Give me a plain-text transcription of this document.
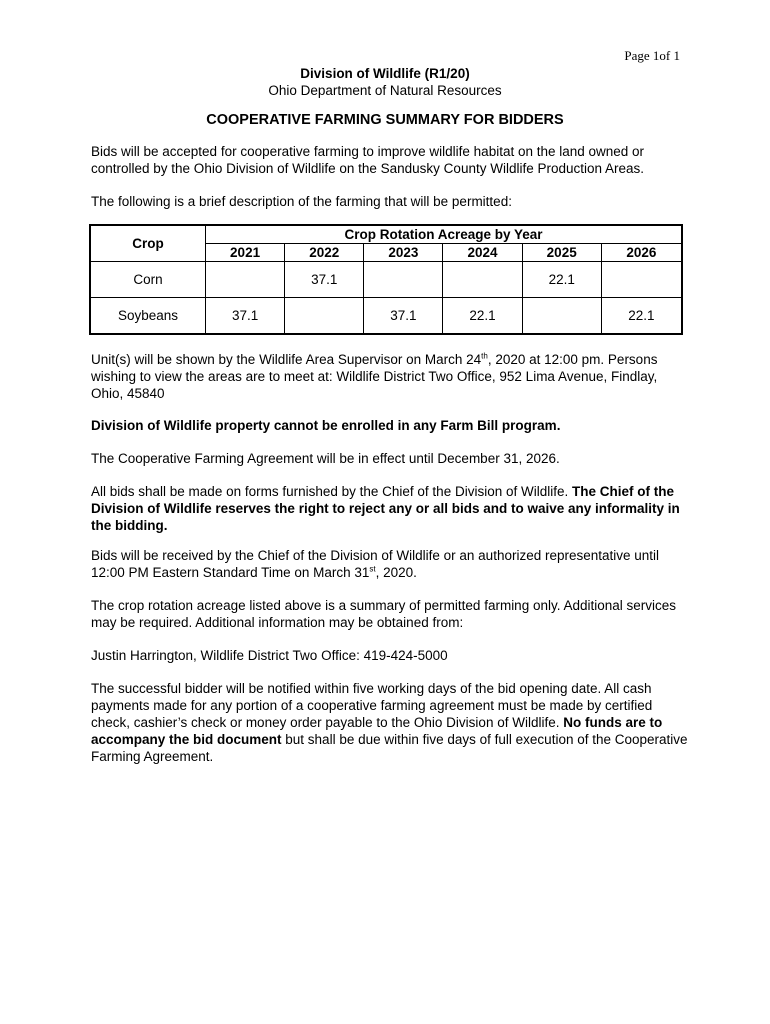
Page 1of 1
Division of Wildlife (R1/20)
Ohio Department of Natural Resources
COOPERATIVE FARMING SUMMARY FOR BIDDERS

Bids will be accepted for cooperative farming to improve wildlife habitat on the land owned or controlled by the Ohio Division of Wildlife on the Sandusky County Wildlife Production Areas.

The following is a brief description of the farming that will be permitted:

Crop	Crop Rotation Acreage by Year					
	2021	2022	2023	2024	2025	2026
Corn		37.1			22.1	
Soybeans	37.1		37.1	22.1		22.1

Unit(s) will be shown by the Wildlife Area Supervisor on March 24th, 2020 at 12:00 pm. Persons wishing to view the areas are to meet at: Wildlife District Two Office, 952 Lima Avenue, Findlay, Ohio, 45840

Division of Wildlife property cannot be enrolled in any Farm Bill program.

The Cooperative Farming Agreement will be in effect until December 31, 2026.

All bids shall be made on forms furnished by the Chief of the Division of Wildlife. The Chief of the Division of Wildlife reserves the right to reject any or all bids and to waive any informality in the bidding.

Bids will be received by the Chief of the Division of Wildlife or an authorized representative until 12:00 PM Eastern Standard Time on March 31st, 2020.

The crop rotation acreage listed above is a summary of permitted farming only. Additional services may be required. Additional information may be obtained from:

Justin Harrington, Wildlife District Two Office: 419-424-5000

The successful bidder will be notified within five working days of the bid opening date. All cash payments made for any portion of a cooperative farming agreement must be made by certified check, cashier’s check or money order payable to the Ohio Division of Wildlife. No funds are to accompany the bid document but shall be due within five days of full execution of the Cooperative Farming Agreement.
